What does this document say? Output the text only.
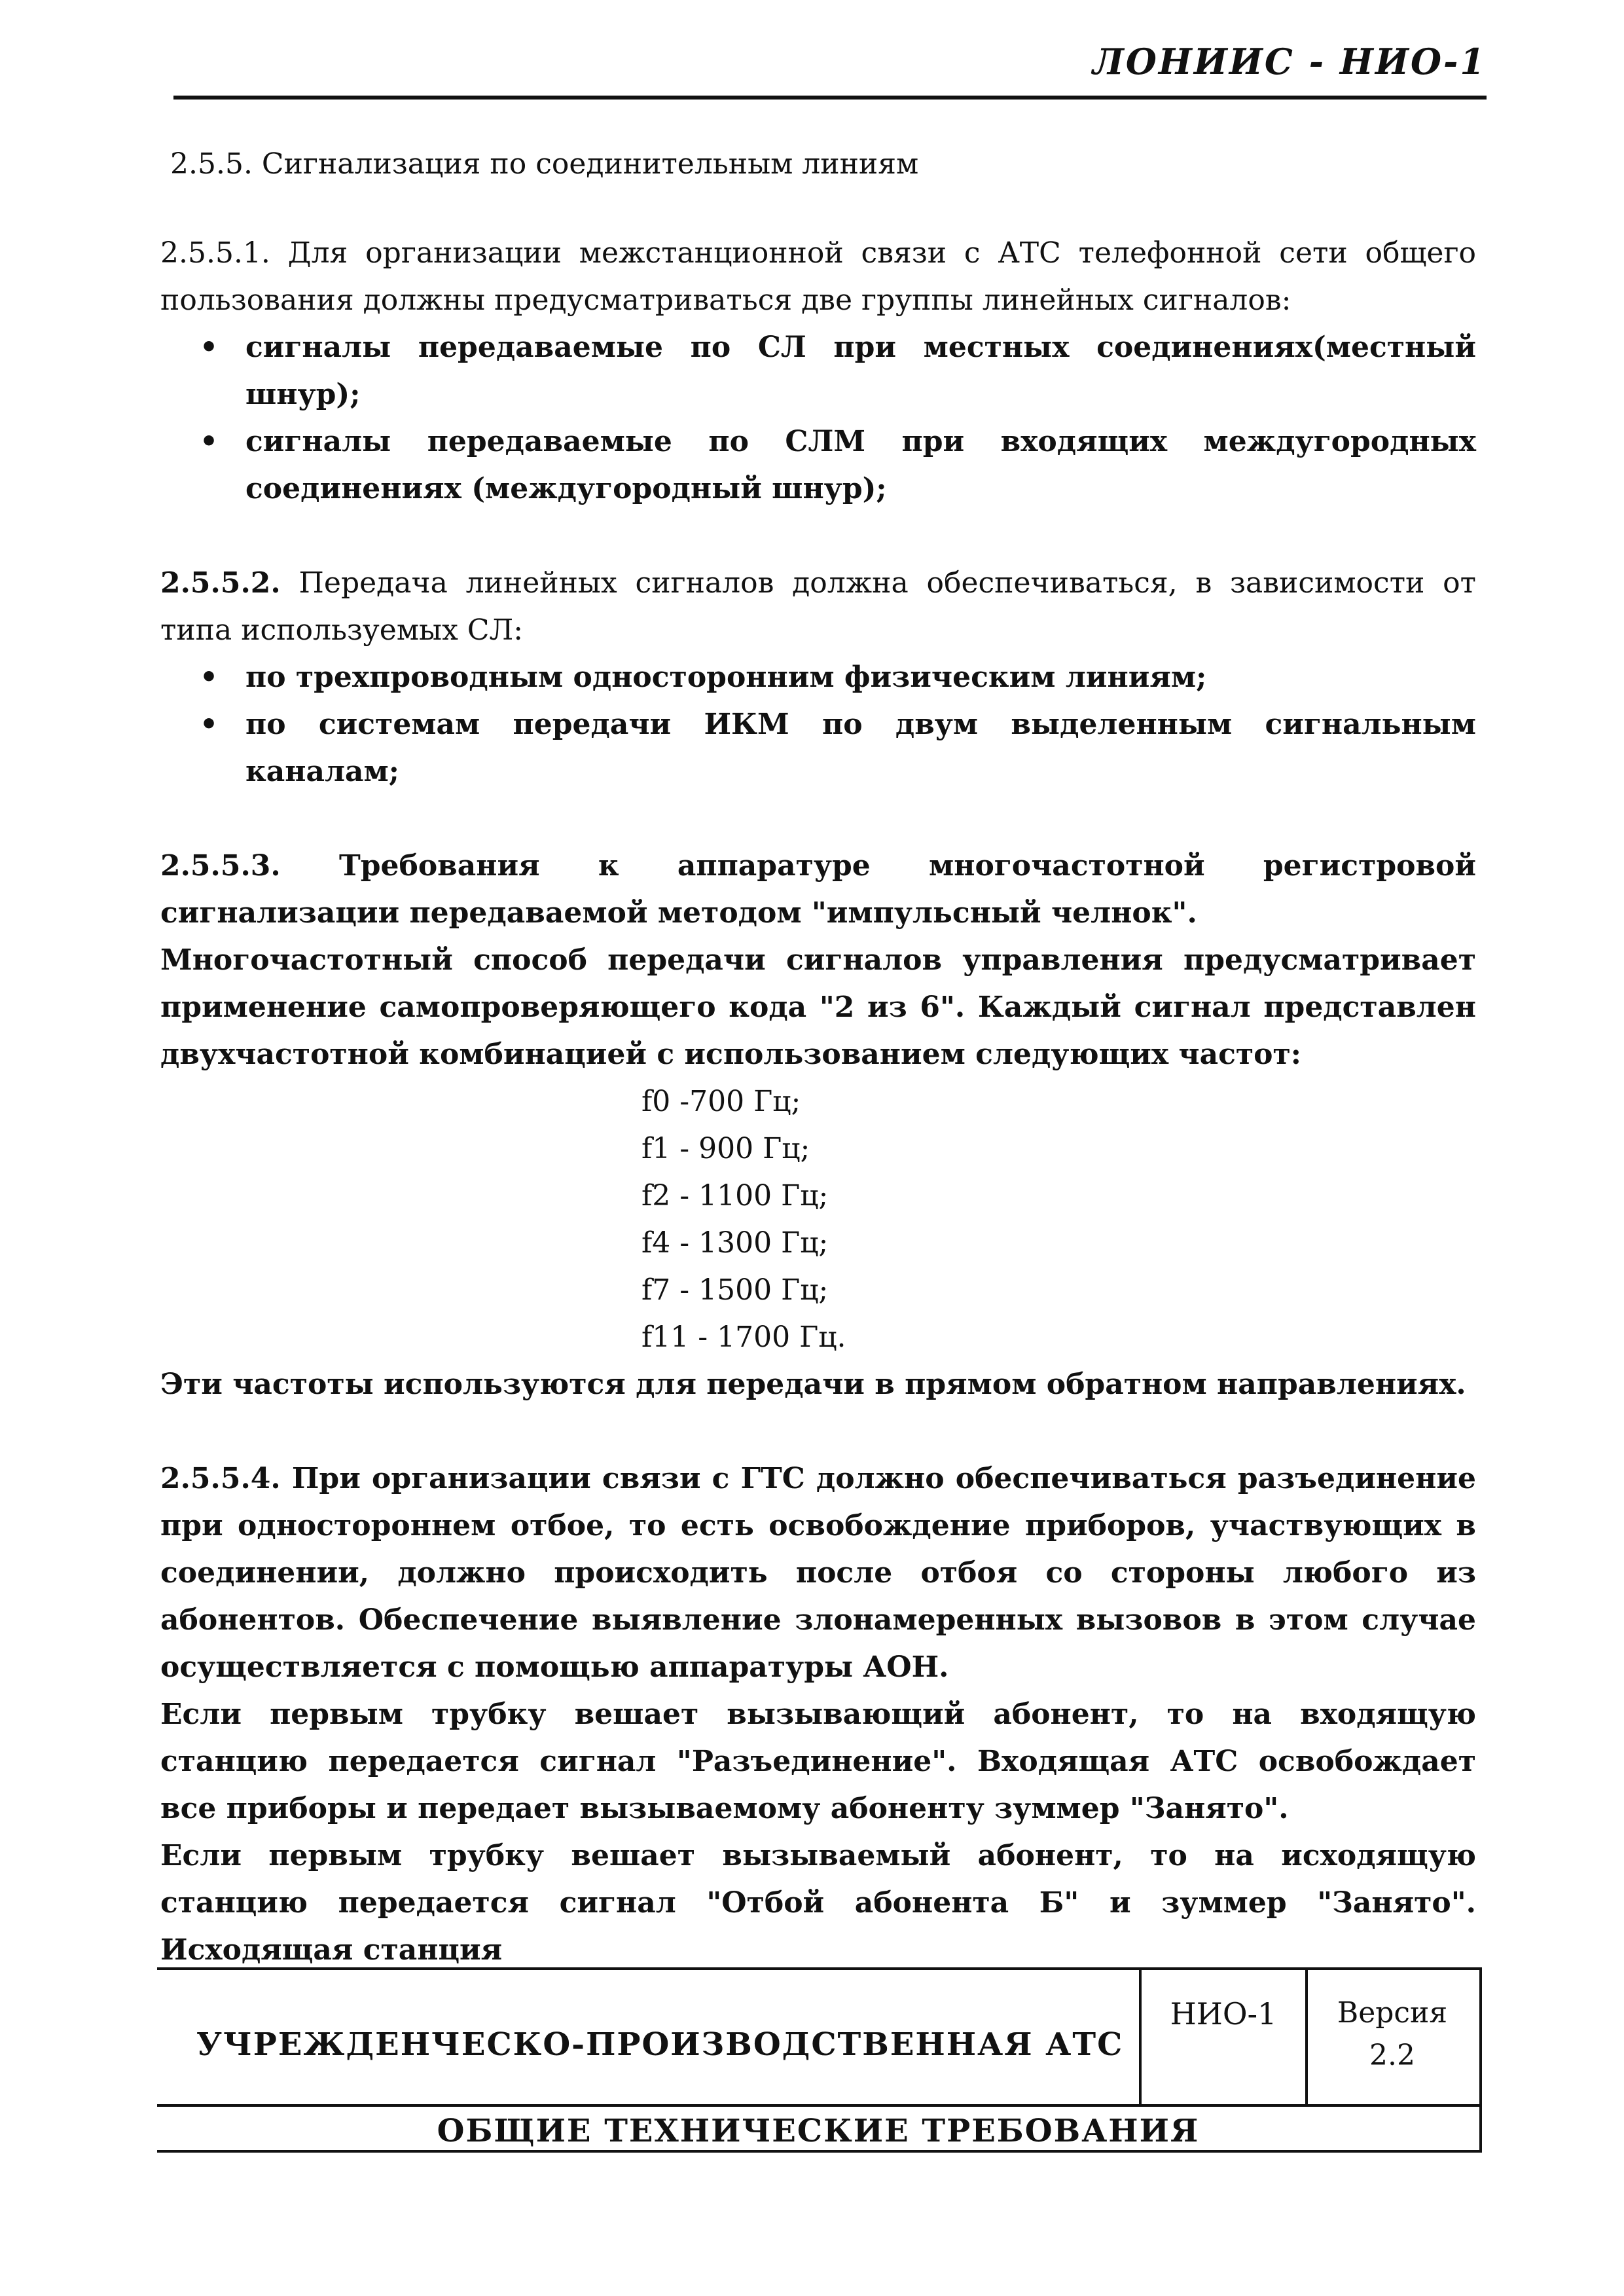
ЛОНИИС - НИО-1

2.5.5. Сигнализация по соединительным линиям

2.5.5.1. Для организации межстанционной связи с АТС телефонной сети общего пользования должны предусматриваться две группы линейных сигналов:

• сигналы передаваемые по СЛ при местных соединениях(местный шнур);
• сигналы передаваемые по СЛМ при входящих междугородных соединениях (междугородный шнур);

2.5.5.2. Передача линейных сигналов должна обеспечиваться, в зависимости от типа используемых СЛ:

• по трехпроводным односторонним физическим линиям;
• по системам передачи ИКМ по двум выделенным сигнальным каналам;

2.5.5.3. Требования к аппаратуре многочастотной регистровой сигнализации передаваемой методом "импульсный челнок".

Многочастотный способ передачи сигналов управления предусматривает применение самопроверяющего кода "2 из 6". Каждый сигнал представлен двухчастотной комбинацией с использованием следующих частот:

f0 -700 Гц;

f1 - 900 Гц;

f2 - 1100 Гц;

f4 - 1300 Гц;

f7 - 1500 Гц;

f11 - 1700 Гц.

Эти частоты используются для передачи в прямом обратном направлениях.

2.5.5.4. При организации связи с ГТС должно обеспечиваться разъединение при одностороннем отбое, то есть освобождение приборов, участвующих в соединении, должно происходить после отбоя со стороны любого из абонентов. Обеспечение выявление злонамеренных вызовов в этом случае осуществляется с помощью аппаратуры АОН.

Если первым трубку вешает вызывающий абонент, то на входящую станцию передается сигнал "Разъединение". Входящая АТС освобождает все приборы и передает вызываемому абоненту зуммер "Занято".

Если первым трубку вешает вызываемый абонент, то на исходящую станцию передается сигнал "Отбой абонента Б" и зуммер "Занято". Исходящая станция

УЧРЕЖДЕНЧЕСКО-ПРОИЗВОДСТВЕННАЯ АТС
НИО-1	Версия
2.2
ОБЩИЕ ТЕХНИЧЕСКИЕ ТРЕБОВАНИЯ
